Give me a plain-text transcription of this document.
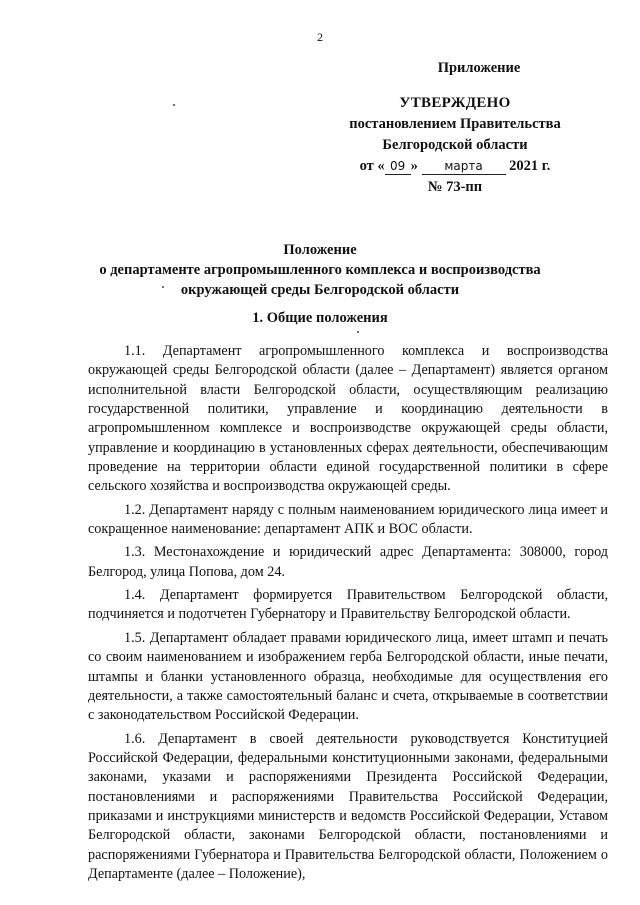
2
Приложение
УТВЕРЖДЕНО
постановлением Правительства
Белгородской области
от « 09 » марта 2021 г.
№ 73-пп
Положение
о департаменте агропромышленного комплекса и воспроизводства
окружающей среды Белгородской области
1. Общие положения

1.1. Департамент агропромышленного комплекса и воспроизводства окружающей среды Белгородской области (далее – Департамент) является органом исполнительной власти Белгородской области, осуществляющим реализацию государственной политики, управление и координацию деятельности в агропромышленном комплексе и воспроизводстве окружающей среды области, управление и координацию в установленных сферах деятельности, обеспечивающим проведение на территории области единой государственной политики в сфере сельского хозяйства и воспроизводства окружающей среды.

1.2. Департамент наряду с полным наименованием юридического лица имеет и сокращенное наименование: департамент АПК и ВОС области.

1.3. Местонахождение и юридический адрес Департамента: 308000, город Белгород, улица Попова, дом 24.

1.4. Департамент формируется Правительством Белгородской области, подчиняется и подотчетен Губернатору и Правительству Белгородской области.

1.5. Департамент обладает правами юридического лица, имеет штамп и печать со своим наименованием и изображением герба Белгородской области, иные печати, штампы и бланки установленного образца, необходимые для осуществления его деятельности, а также самостоятельный баланс и счета, открываемые в соответствии с законодательством Российской Федерации.

1.6. Департамент в своей деятельности руководствуется Конституцией Российской Федерации, федеральными конституционными законами, федеральными законами, указами и распоряжениями Президента Российской Федерации, постановлениями и распоряжениями Правительства Российской Федерации, приказами и инструкциями министерств и ведомств Российской Федерации, Уставом Белгородской области, законами Белгородской области, постановлениями и распоряжениями Губернатора и Правительства Белгородской области, Положением о Департаменте (далее – Положение),
